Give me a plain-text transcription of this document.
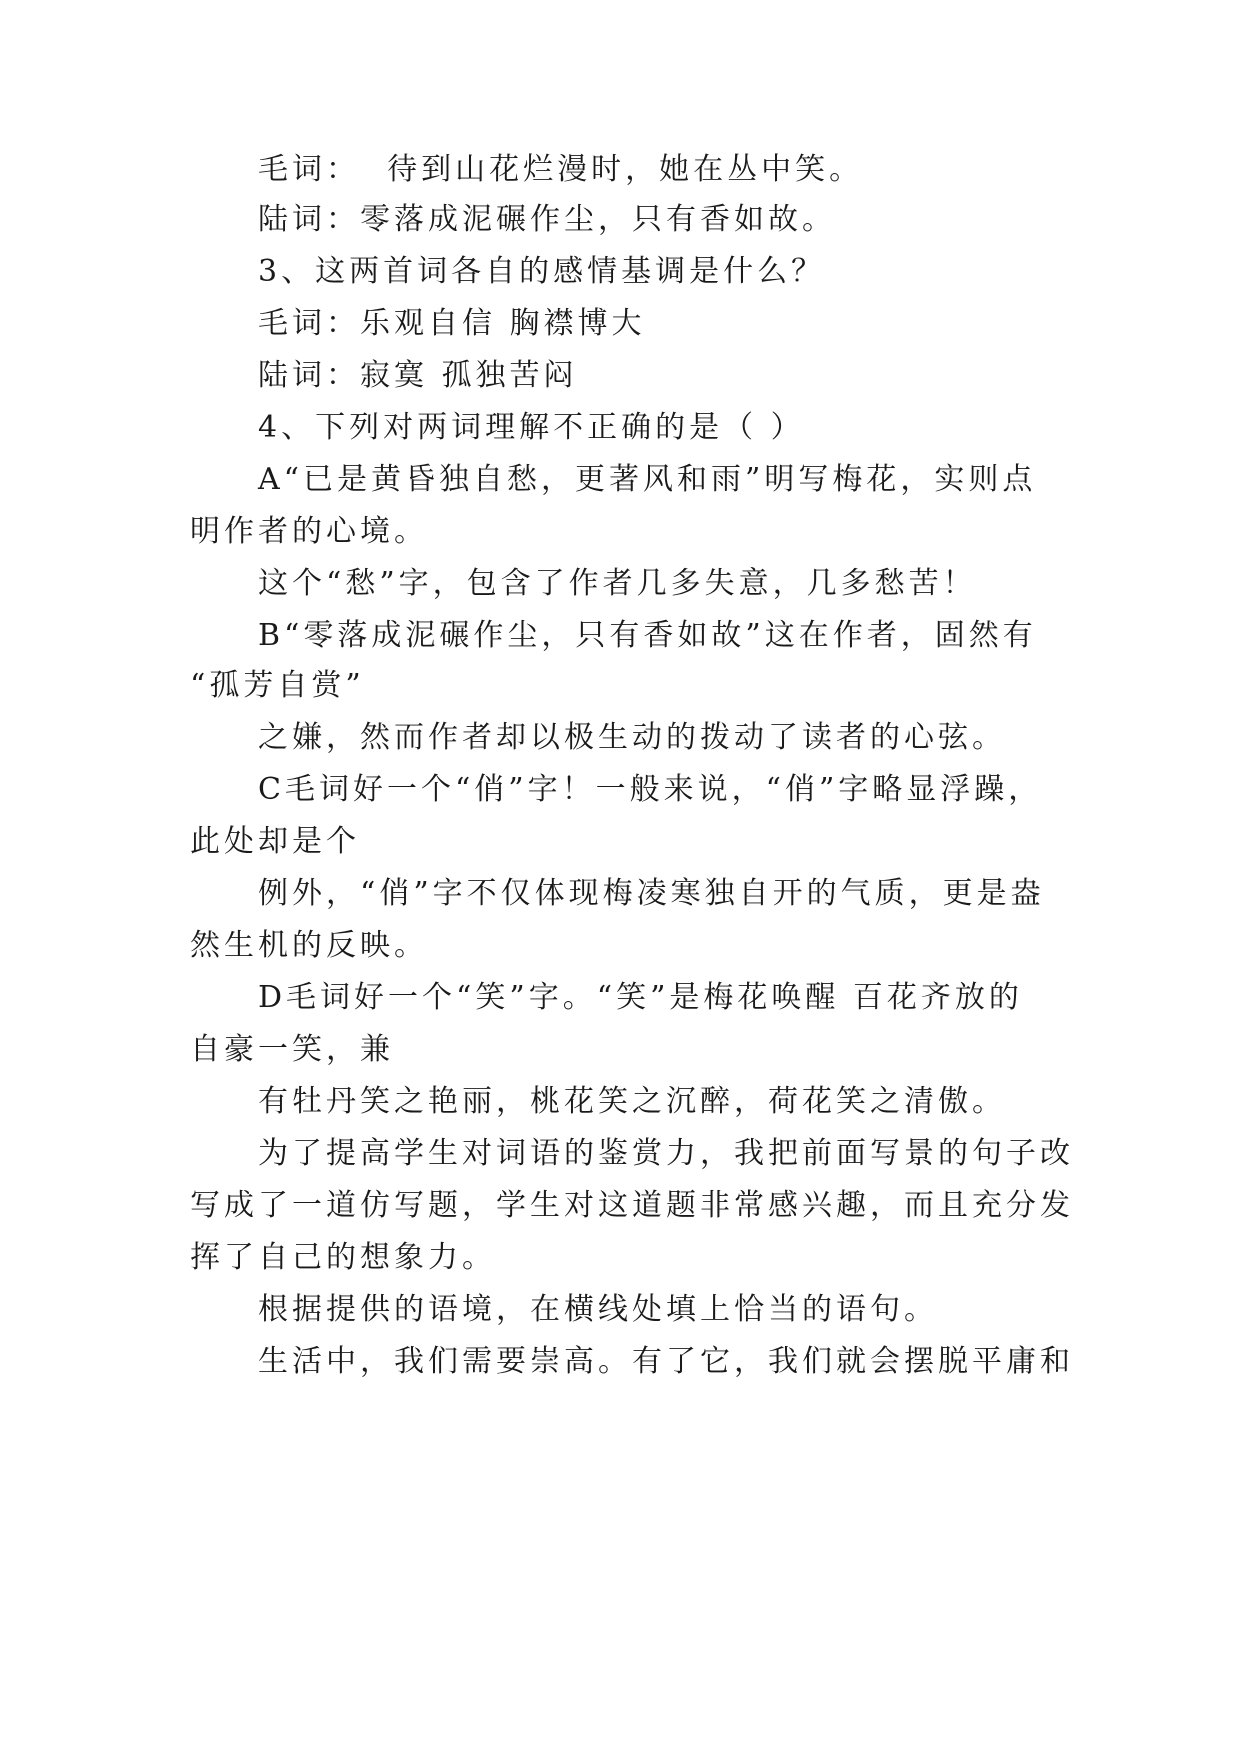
毛词：  待到山花烂漫时，她在丛中笑。
陆词：零落成泥碾作尘，只有香如故。
3、这两首词各自的感情基调是什么？
毛词：乐观自信 胸襟博大
陆词：寂寞 孤独苦闷
4、下列对两词理解不正确的是（ ）
A“已是黄昏独自愁，更著风和雨”明写梅花，实则点
明作者的心境。
这个“愁”字，包含了作者几多失意，几多愁苦！
B“零落成泥碾作尘，只有香如故”这在作者，固然有
“孤芳自赏”
之嫌，然而作者却以极生动的拨动了读者的心弦。
C毛词好一个“俏”字！一般来说，“俏”字略显浮躁，
此处却是个
例外，“俏”字不仅体现梅凌寒独自开的气质，更是盎
然生机的反映。
D毛词好一个“笑”字。“笑”是梅花唤醒 百花齐放的
自豪一笑，兼
有牡丹笑之艳丽，桃花笑之沉醉，荷花笑之清傲。
为了提高学生对词语的鉴赏力，我把前面写景的句子改
写成了一道仿写题，学生对这道题非常感兴趣，而且充分发
挥了自己的想象力。
根据提供的语境，在横线处填上恰当的语句。
生活中，我们需要崇高。有了它，我们就会摆脱平庸和
